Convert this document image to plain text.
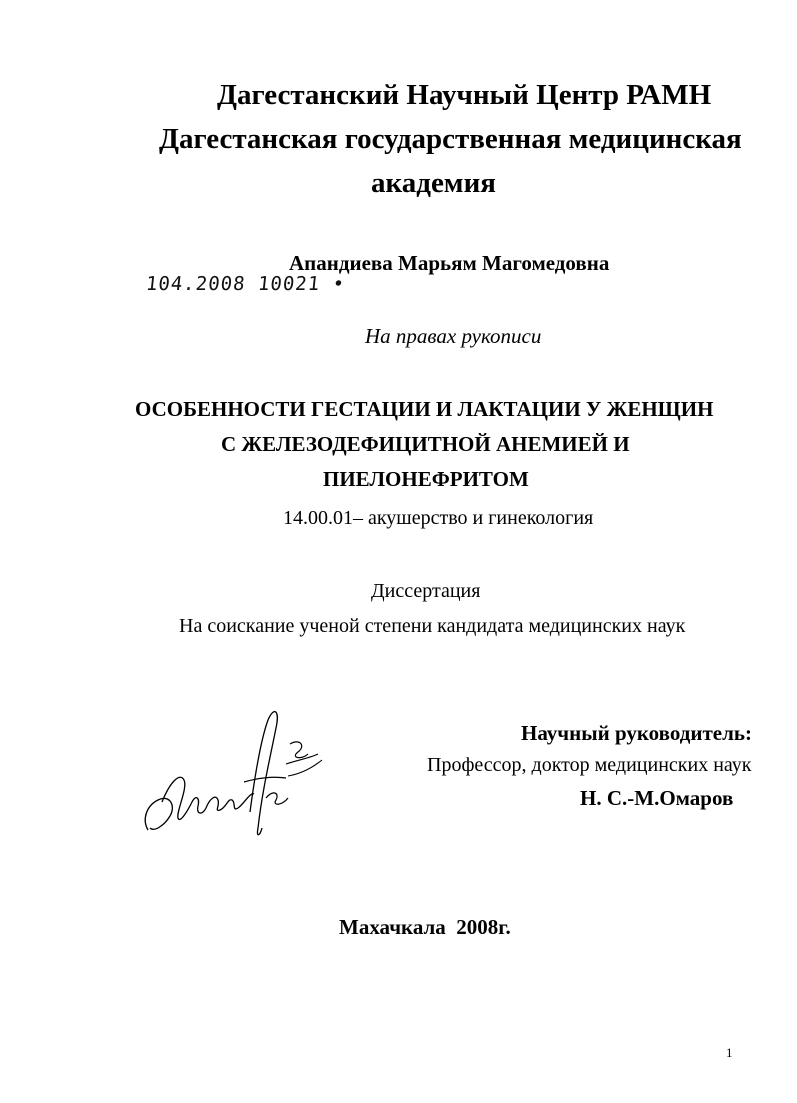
Дагестанский Научный Центр РАМН
Дагестанская государственная медицинская
академия
Апандиева Марьям Магомедовна
104.2008 10021 •
На правах рукописи
ОСОБЕННОСТИ ГЕСТАЦИИ И ЛАКТАЦИИ У ЖЕНЩИН
С ЖЕЛЕЗОДЕФИЦИТНОЙ АНЕМИЕЙ И
ПИЕЛОНЕФРИТОМ
14.00.01– акушерство и гинекология
Диссертация
На соискание ученой степени кандидата медицинских наук
Научный руководитель:
Профессор, доктор медицинских наук
Н. С.-М.Омаров
Махачкала  2008г.
1
